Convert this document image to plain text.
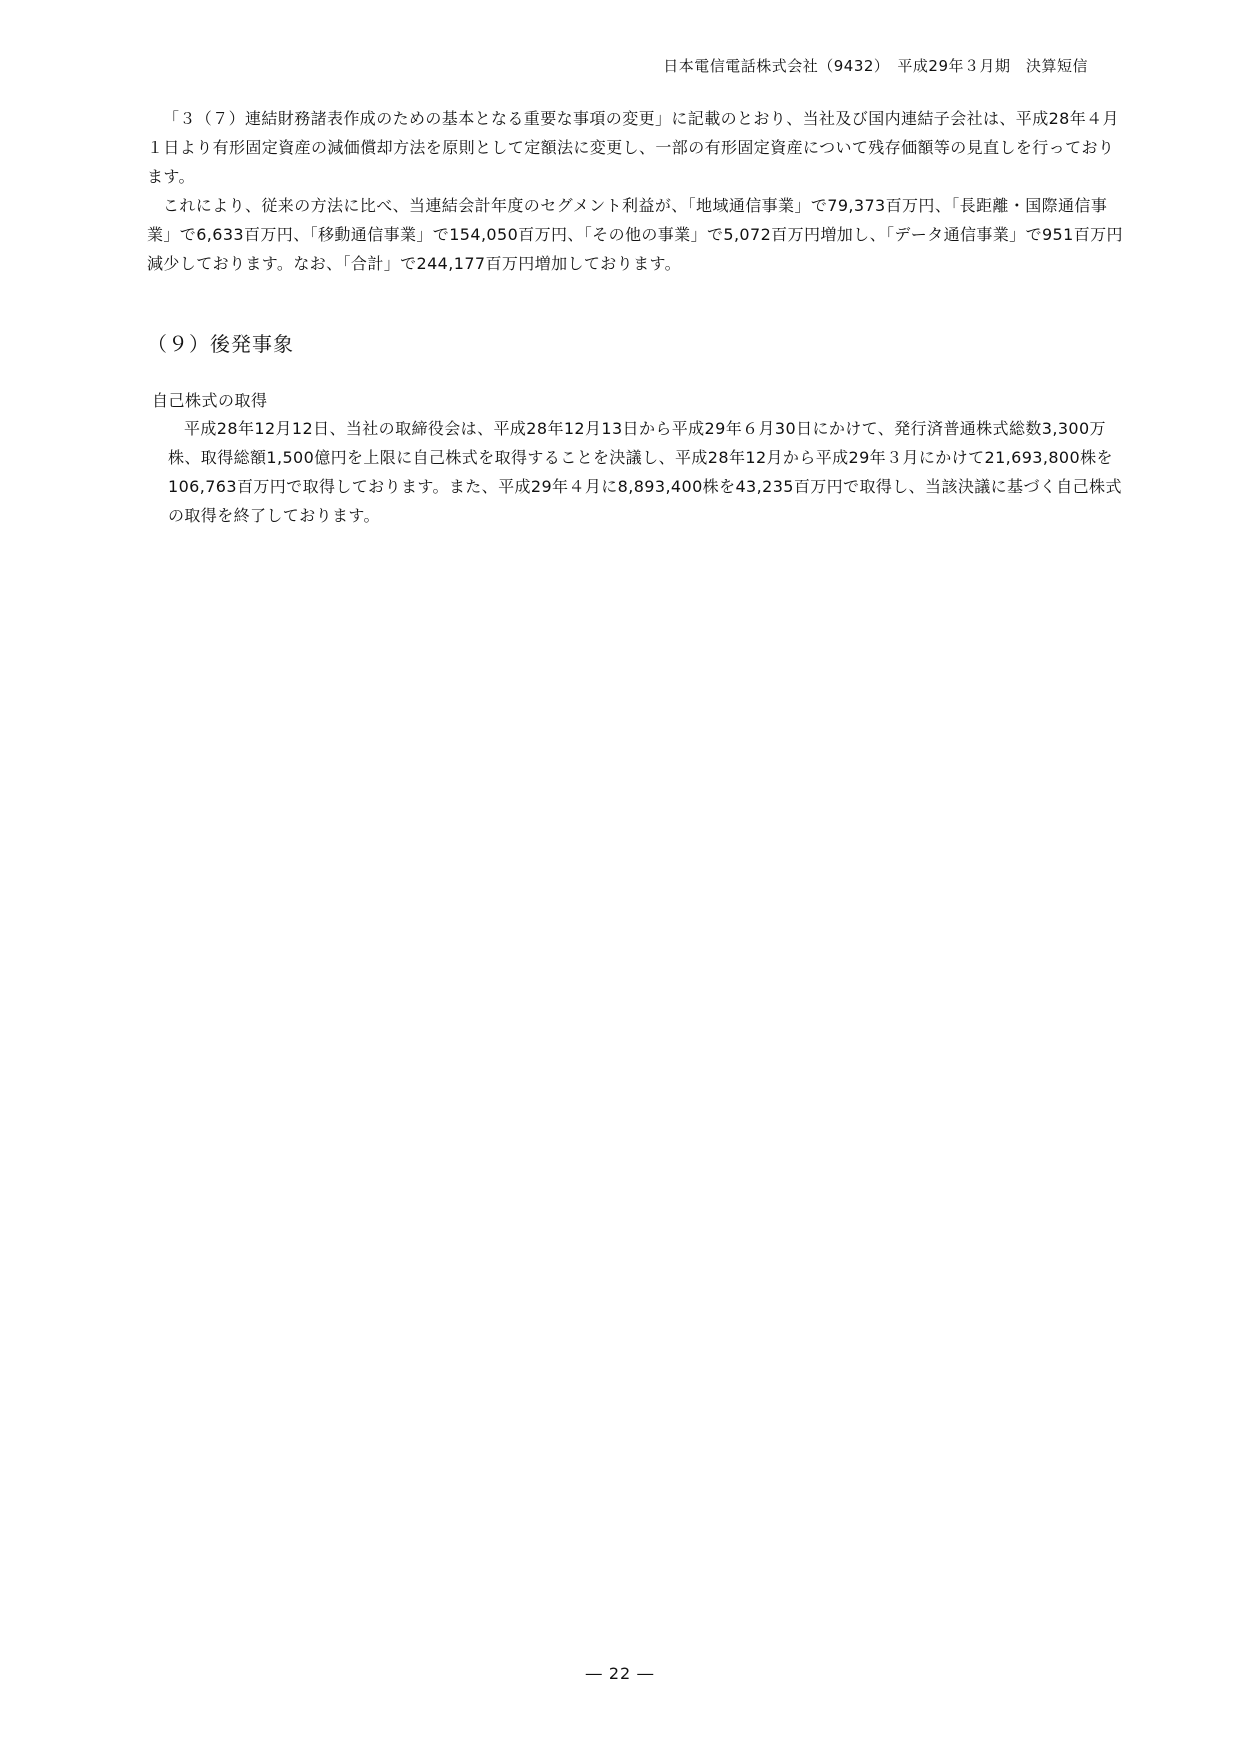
日本電信電話株式会社（9432）　平成29年３月期　決算短信

「３（７）連結財務諸表作成のための基本となる重要な事項の変更」に記載のとおり、当社及び国内連結子会社は、平成28年４月１日より有形固定資産の減価償却方法を原則として定額法に変更し、一部の有形固定資産について残存価額等の見直しを行っております。

これにより、従来の方法に比べ、当連結会計年度のセグメント利益が、「地域通信事業」で79,373百万円、「長距離・国際通信事業」で6,633百万円、「移動通信事業」で154,050百万円、「その他の事業」で5,072百万円増加し、「データ通信事業」で951百万円減少しております。なお、「合計」で244,177百万円増加しております。

（９）後発事象
自己株式の取得

平成28年12月12日、当社の取締役会は、平成28年12月13日から平成29年６月30日にかけて、発行済普通株式総数3,300万株、取得総額1,500億円を上限に自己株式を取得することを決議し、平成28年12月から平成29年３月にかけて21,693,800株を106,763百万円で取得しております。また、平成29年４月に8,893,400株を43,235百万円で取得し、当該決議に基づく自己株式の取得を終了しております。

― 22 ―
